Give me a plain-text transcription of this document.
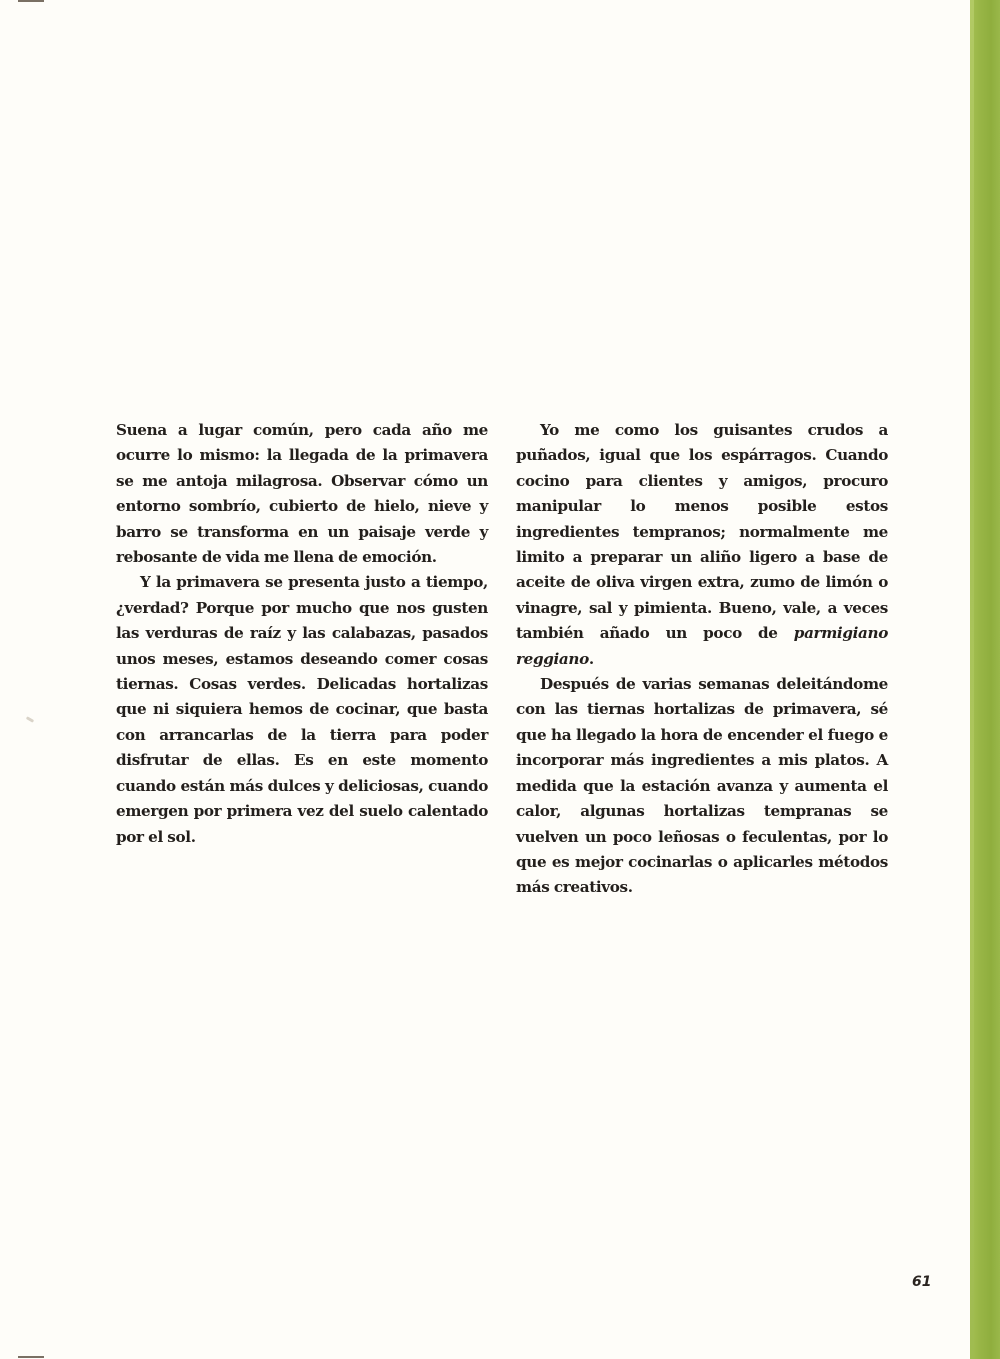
Suena a lugar común, pero cada año me ocurre lo mismo: la llegada de la primavera se me antoja milagrosa. Observar cómo un entorno sombrío, cubierto de hielo, nieve y barro se transforma en un paisaje verde y rebosante de vida me llena de emoción.

Y la primavera se presenta justo a tiempo, ¿verdad? Porque por mucho que nos gusten las verduras de raíz y las calabazas, pasados unos meses, estamos deseando comer cosas tiernas. Cosas verdes. Delicadas hortalizas que ni siquiera hemos de cocinar, que basta con arrancarlas de la tierra para poder disfrutar de ellas. Es en este momento cuando están más dulces y deliciosas, cuando emergen por primera vez del suelo calentado por el sol.

Yo me como los guisantes crudos a puñados, igual que los espárragos. Cuando cocino para clientes y amigos, procuro manipular lo menos posible estos ingredientes tempranos; normalmente me limito a preparar un aliño ligero a base de aceite de oliva virgen extra, zumo de limón o vinagre, sal y pimienta. Bueno, vale, a veces también añado un poco de parmigiano reggiano.

Después de varias semanas deleitándome con las tiernas hortalizas de primavera, sé que ha llegado la hora de encender el fuego e incorporar más ingredientes a mis platos. A medida que la estación avanza y aumenta el calor, algunas hortalizas tempranas se vuelven un poco leñosas o feculentas, por lo que es mejor cocinarlas o aplicarles métodos más creativos.

61
